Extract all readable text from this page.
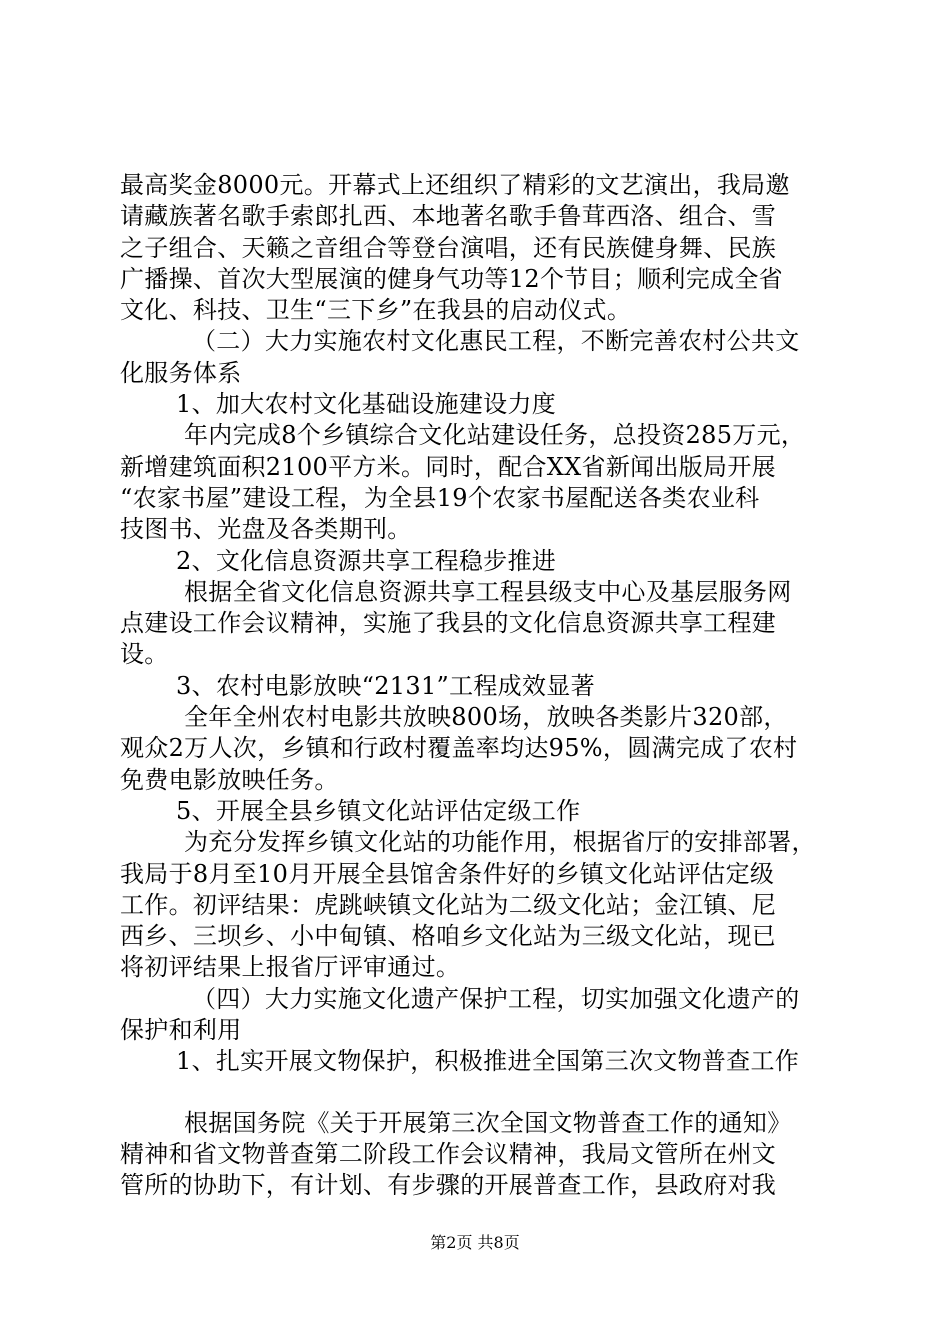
最高奖金8000元。开幕式上还组织了精彩的文艺演出，我局邀
请藏族著名歌手索郎扎西、本地著名歌手鲁茸西洛、组合、雪
之子组合、天籁之音组合等登台演唱，还有民族健身舞、民族
广播操、首次大型展演的健身气功等12个节目；顺利完成全省
文化、科技、卫生“三下乡”在我县的启动仪式。
（二）大力实施农村文化惠民工程，不断完善农村公共文
化服务体系
1、加大农村文化基础设施建设力度
年内完成8个乡镇综合文化站建设任务，总投资285万元，
新增建筑面积2100平方米。同时，配合XX省新闻出版局开展
“农家书屋”建设工程，为全县19个农家书屋配送各类农业科
技图书、光盘及各类期刊。
2、文化信息资源共享工程稳步推进
根据全省文化信息资源共享工程县级支中心及基层服务网
点建设工作会议精神，实施了我县的文化信息资源共享工程建
设。
3、农村电影放映“2131”工程成效显著
全年全州农村电影共放映800场，放映各类影片320部，
观众2万人次，乡镇和行政村覆盖率均达95%，圆满完成了农村
免费电影放映任务。
5、开展全县乡镇文化站评估定级工作
为充分发挥乡镇文化站的功能作用，根据省厅的安排部署，
我局于8月至10月开展全县馆舍条件好的乡镇文化站评估定级
工作。初评结果：虎跳峡镇文化站为二级文化站；金江镇、尼
西乡、三坝乡、小中甸镇、格咱乡文化站为三级文化站，现已
将初评结果上报省厅评审通过。
（四）大力实施文化遗产保护工程，切实加强文化遗产的
保护和利用
1、扎实开展文物保护，积极推进全国第三次文物普查工作
根据国务院《关于开展第三次全国文物普查工作的通知》
精神和省文物普查第二阶段工作会议精神，我局文管所在州文
管所的协助下，有计划、有步骤的开展普查工作，县政府对我
第2页 共8页
